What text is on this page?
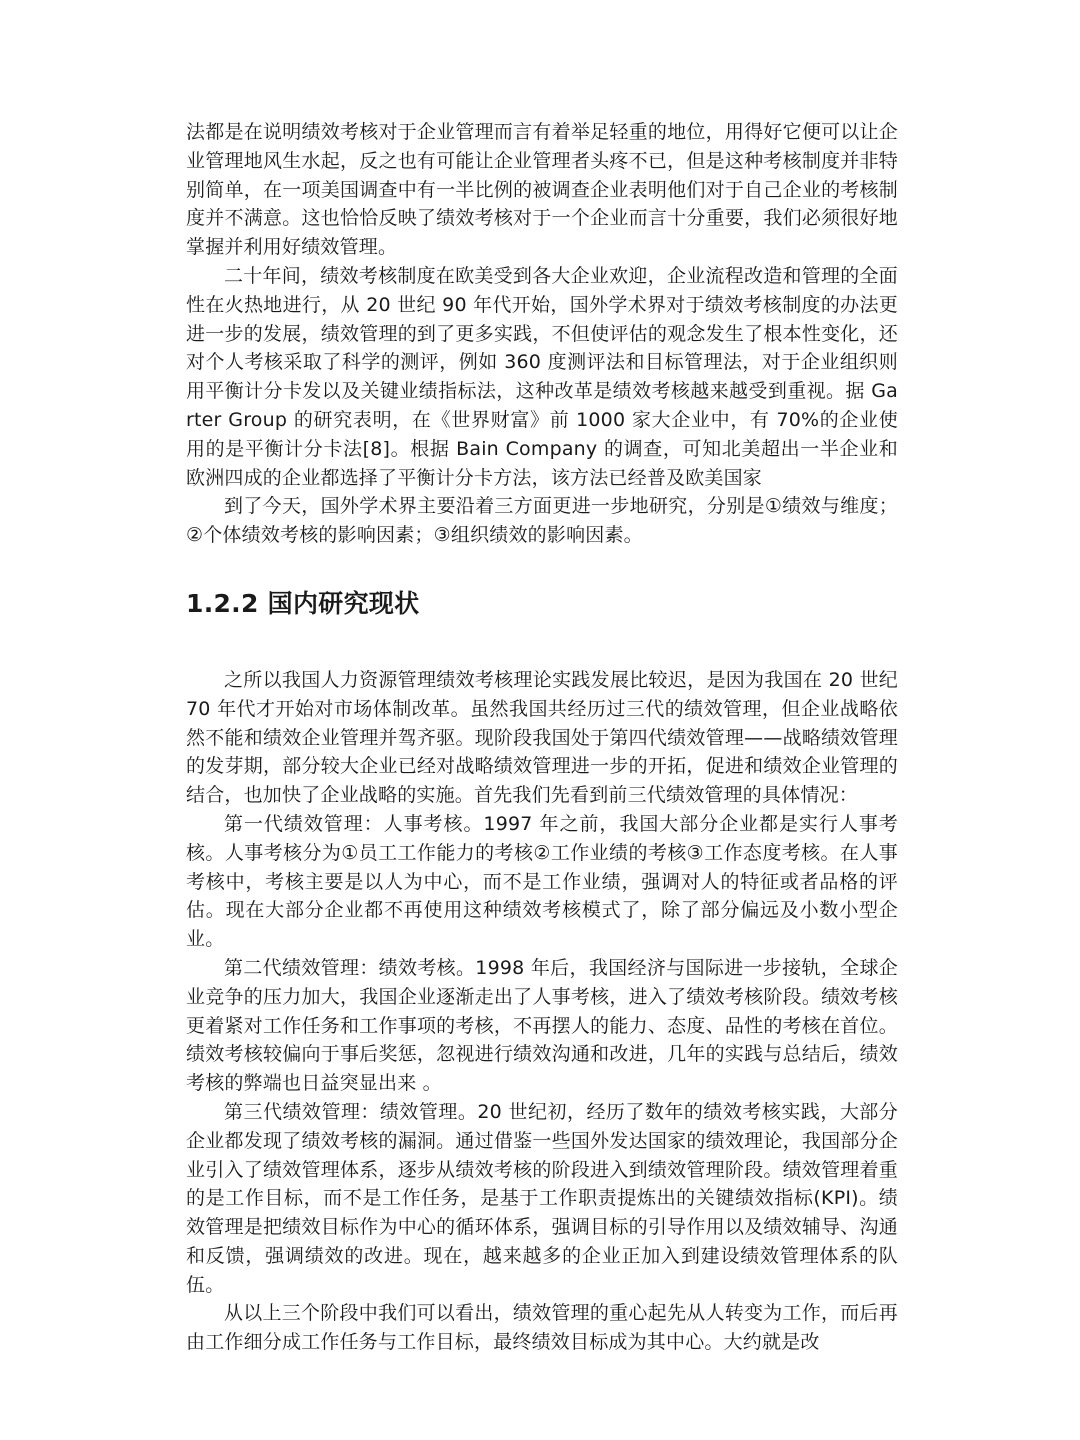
法都是在说明绩效考核对于企业管理而言有着举足轻重的地位，用得好它便可以让企业管理地风生水起，反之也有可能让企业管理者头疼不已，但是这种考核制度并非特别简单，在一项美国调查中有一半比例的被调查企业表明他们对于自己企业的考核制度并不满意。这也恰恰反映了绩效考核对于一个企业而言十分重要，我们必须很好地掌握并利用好绩效管理。

二十年间，绩效考核制度在欧美受到各大企业欢迎，企业流程改造和管理的全面性在火热地进行，从 20 世纪 90 年代开始，国外学术界对于绩效考核制度的办法更进一步的发展，绩效管理的到了更多实践，不但使评估的观念发生了根本性变化，还对个人考核采取了科学的测评，例如 360 度测评法和目标管理法，对于企业组织则用平衡计分卡发以及关键业绩指标法，这种改革是绩效考核越来越受到重视。据 Garter Group 的研究表明，在《世界财富》前 1000 家大企业中，有 70%的企业使用的是平衡计分卡法[8]。根据 Bain Company 的调查，可知北美超出一半企业和欧洲四成的企业都选择了平衡计分卡方法，该方法已经普及欧美国家

到了今天，国外学术界主要沿着三方面更进一步地研究，分别是①绩效与维度；②个体绩效考核的影响因素；③组织绩效的影响因素。

1.2.2 国内研究现状

之所以我国人力资源管理绩效考核理论实践发展比较迟，是因为我国在 20 世纪 70 年代才开始对市场体制改革。虽然我国共经历过三代的绩效管理，但企业战略依然不能和绩效企业管理并驾齐驱。现阶段我国处于第四代绩效管理——战略绩效管理的发芽期，部分较大企业已经对战略绩效管理进一步的开拓，促进和绩效企业管理的结合，也加快了企业战略的实施。首先我们先看到前三代绩效管理的具体情况：

第一代绩效管理：人事考核。1997 年之前，我国大部分企业都是实行人事考核。人事考核分为①员工工作能力的考核②工作业绩的考核③工作态度考核。在人事考核中，考核主要是以人为中心，而不是工作业绩，强调对人的特征或者品格的评估。现在大部分企业都不再使用这种绩效考核模式了，除了部分偏远及小数小型企业。

第二代绩效管理：绩效考核。1998 年后，我国经济与国际进一步接轨，全球企业竞争的压力加大，我国企业逐渐走出了人事考核，进入了绩效考核阶段。绩效考核更着紧对工作任务和工作事项的考核，不再摆人的能力、态度、品性的考核在首位。绩效考核较偏向于事后奖惩，忽视进行绩效沟通和改进，几年的实践与总结后，绩效考核的弊端也日益突显出来 。

第三代绩效管理：绩效管理。20 世纪初，经历了数年的绩效考核实践，大部分企业都发现了绩效考核的漏洞。通过借鉴一些国外发达国家的绩效理论，我国部分企业引入了绩效管理体系，逐步从绩效考核的阶段进入到绩效管理阶段。绩效管理着重的是工作目标，而不是工作任务，是基于工作职责提炼出的关键绩效指标(KPI)。绩效管理是把绩效目标作为中心的循环体系，强调目标的引导作用以及绩效辅导、沟通和反馈，强调绩效的改进。现在，越来越多的企业正加入到建设绩效管理体系的队伍。

从以上三个阶段中我们可以看出，绩效管理的重心起先从人转变为工作，而后再由工作细分成工作任务与工作目标，最终绩效目标成为其中心。大约就是改
